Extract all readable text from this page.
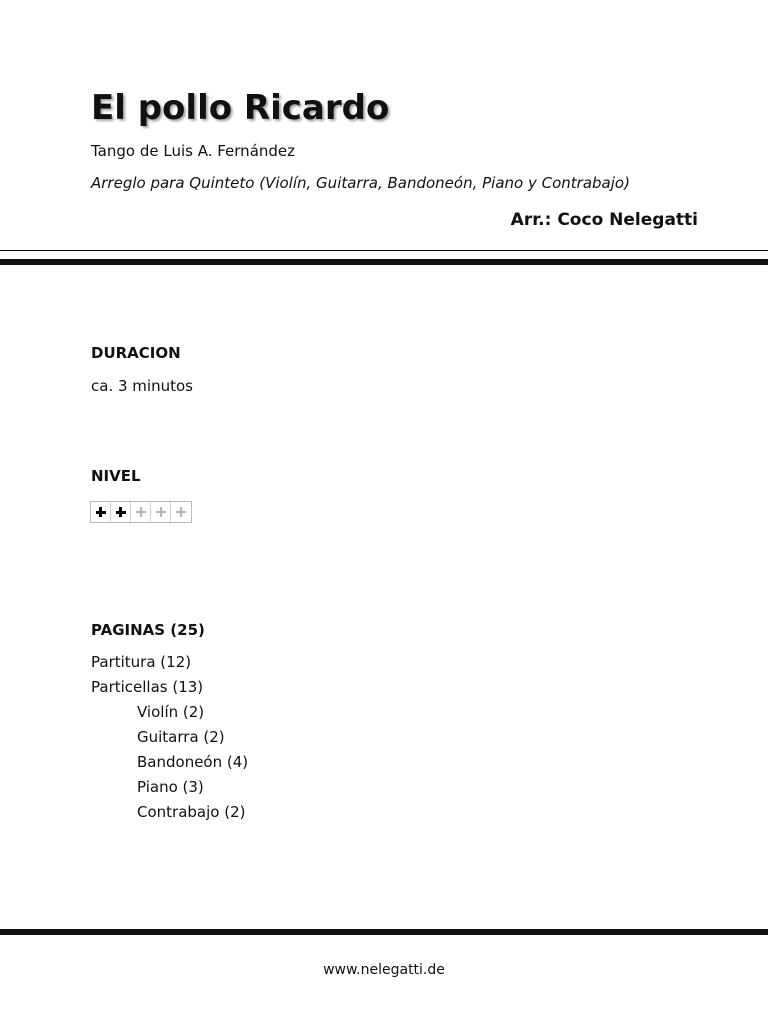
El pollo Ricardo
Tango de Luis A. Fernández
Arreglo para Quinteto (Violín, Guitarra, Bandoneón, Piano y Contrabajo)
Arr.: Coco Nelegatti
DURACION
ca. 3 minutos
NIVEL
PAGINAS (25)
Partitura (12)
Particellas (13)
Violín (2)
Guitarra (2)
Bandoneón (4)
Piano (3)
Contrabajo (2)
www.nelegatti.de
